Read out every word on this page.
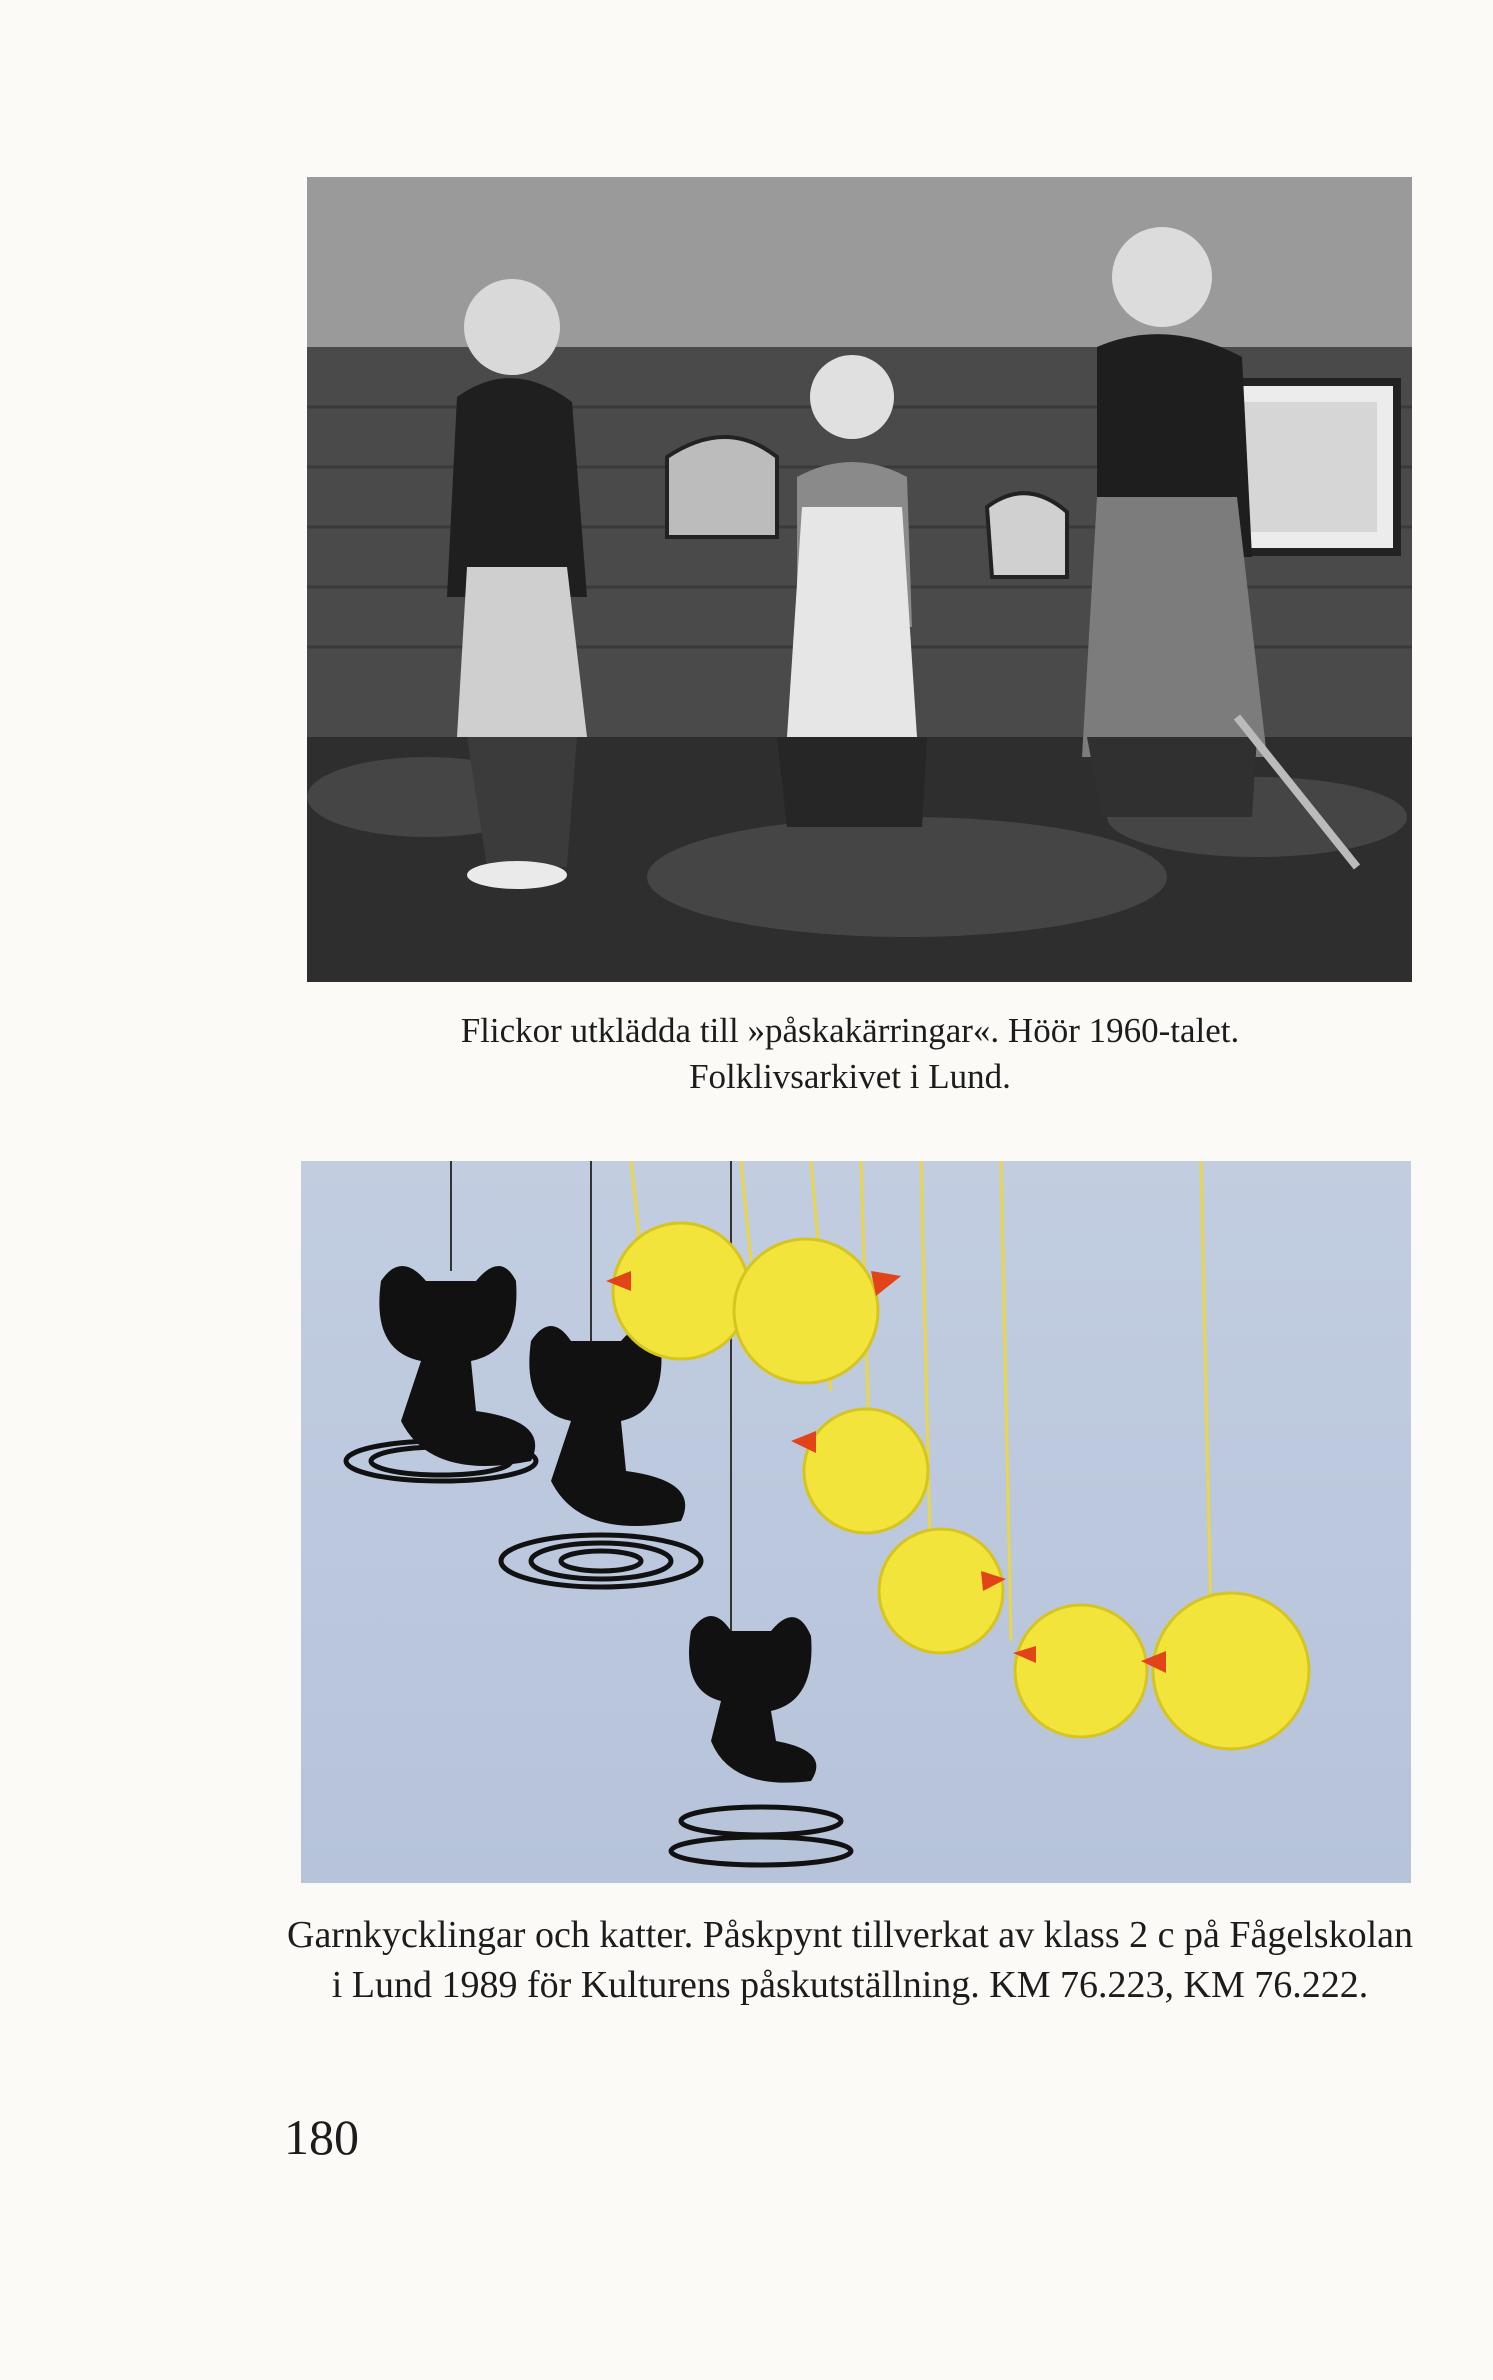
Flickor utklädda till »påskakärringar«. Höör 1960-talet.
Folklivsarkivet i Lund.
Garnkycklingar och katter. Påskpynt tillverkat av klass 2 c på Fågelskolan
i Lund 1989 för Kulturens påskutställning. KM 76.223, KM 76.222.
180
